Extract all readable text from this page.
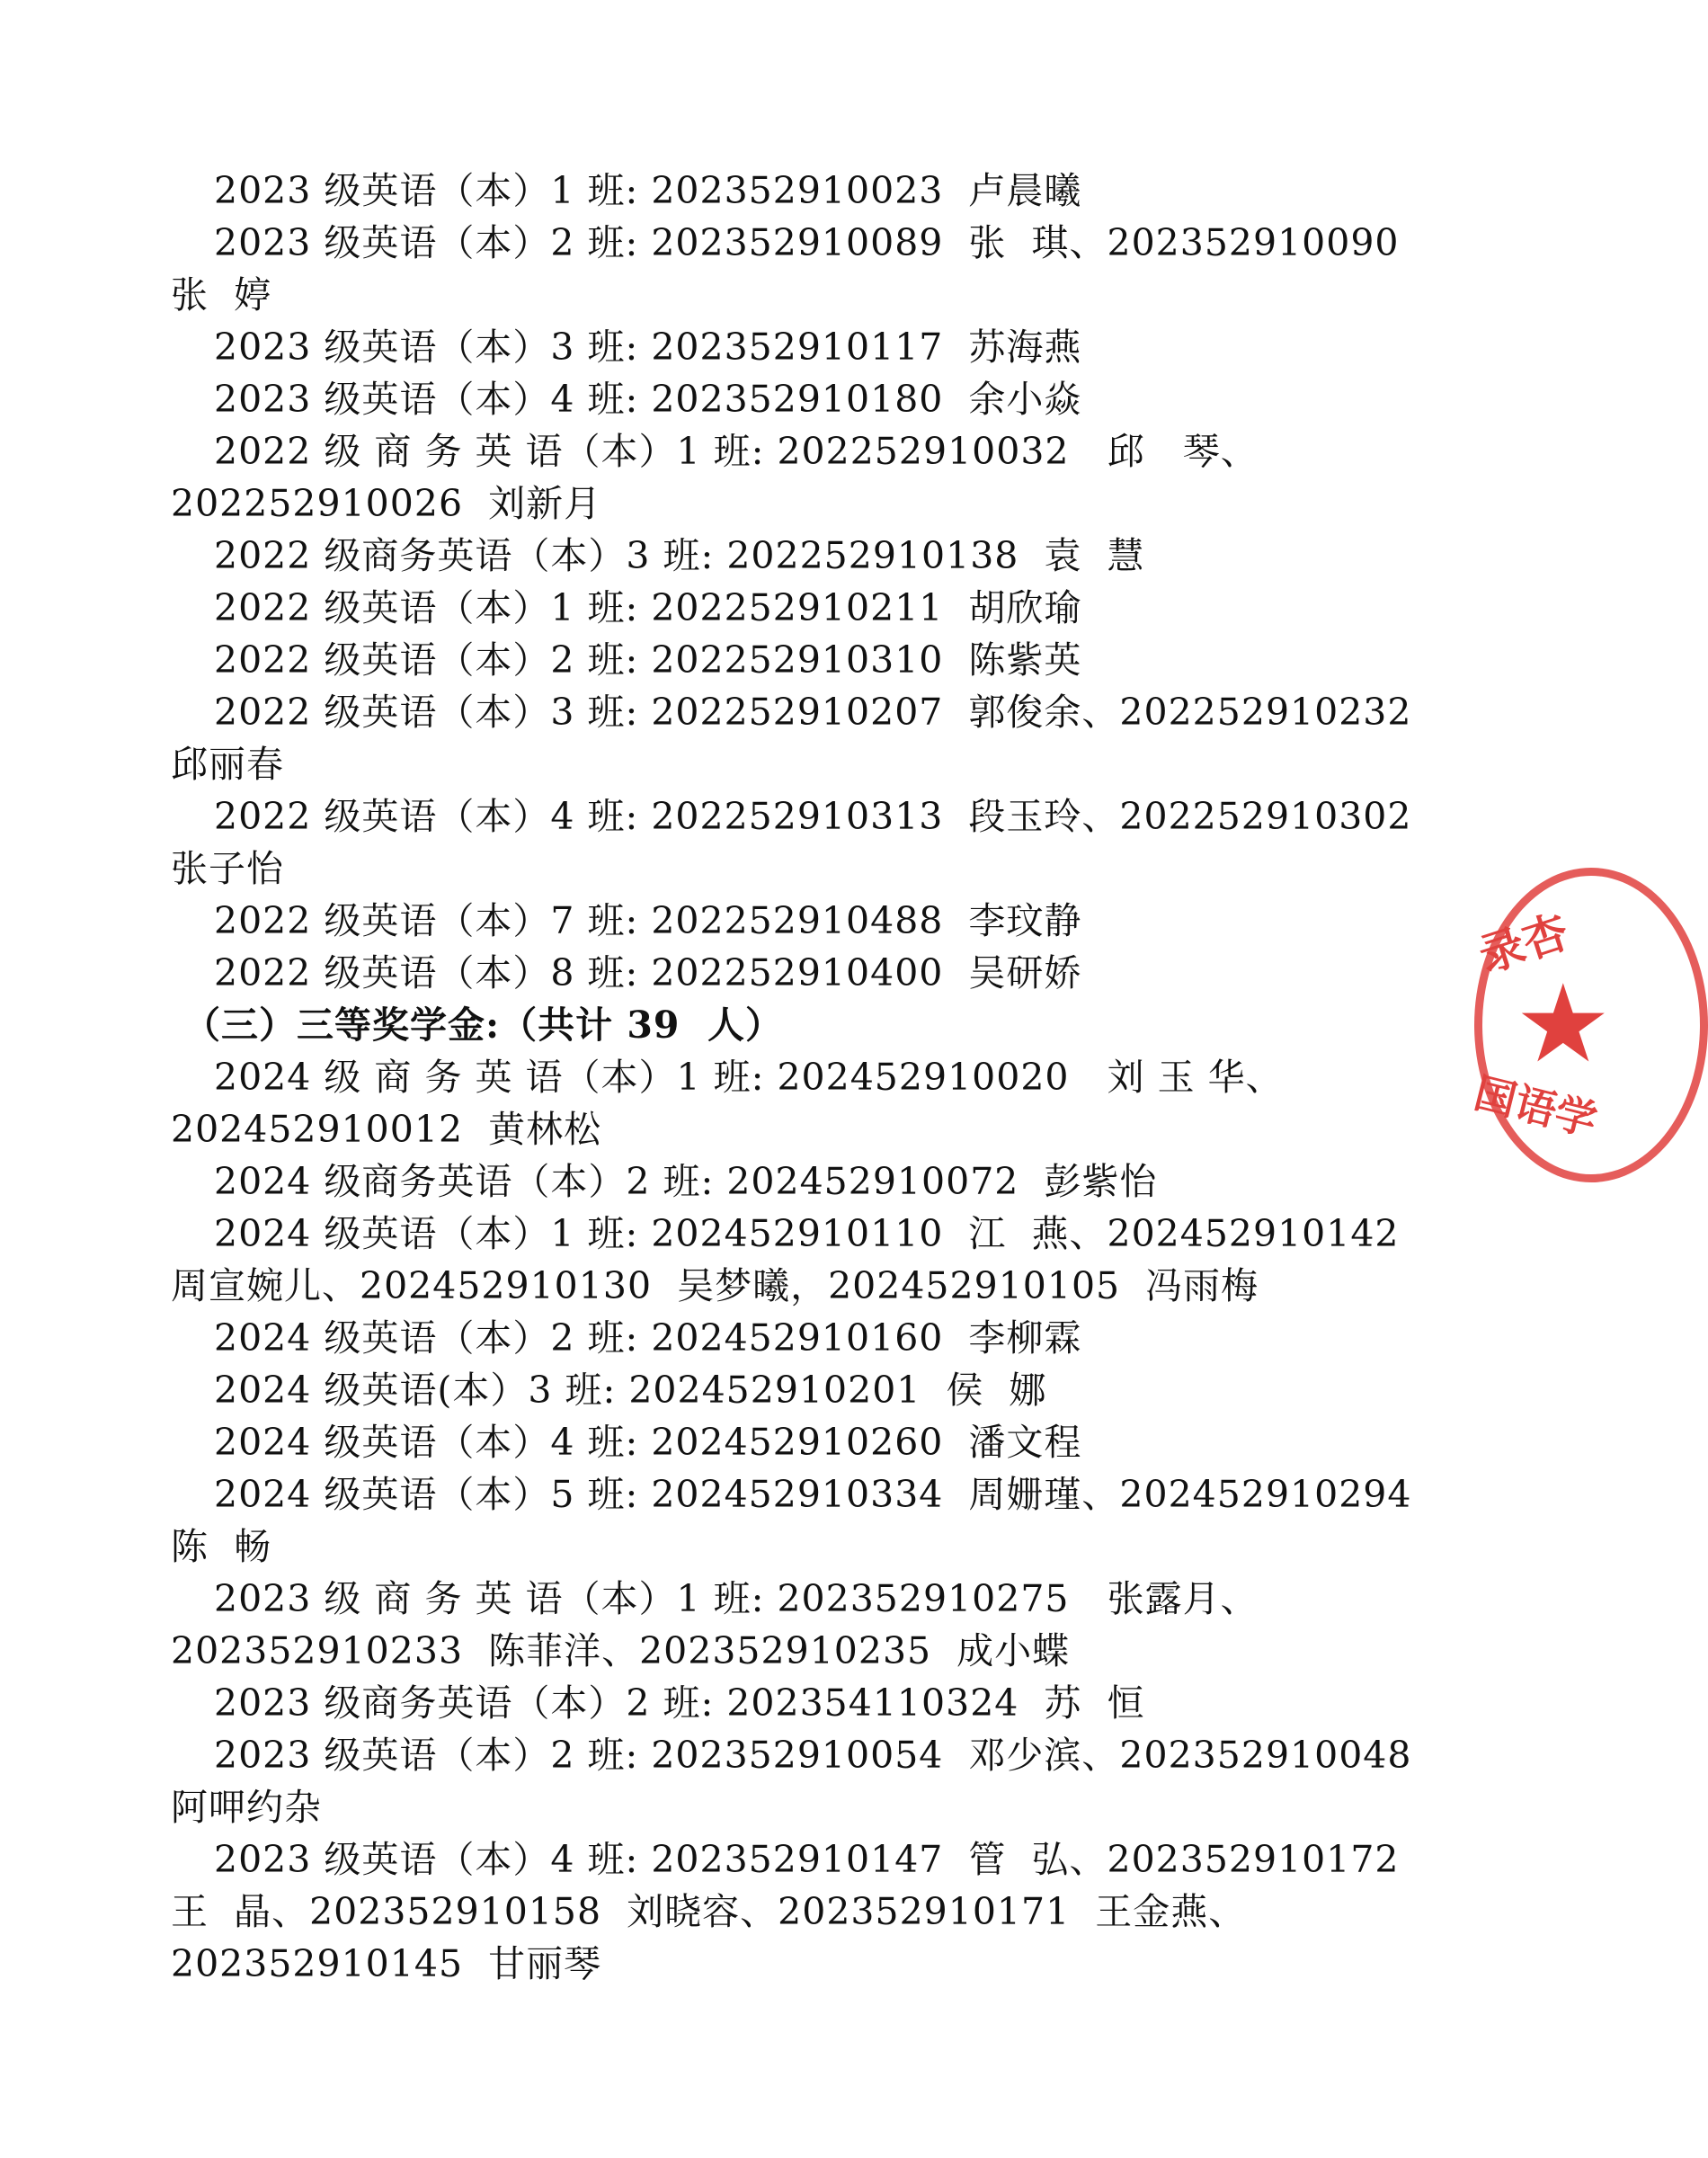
2023 级英语（本）1 班: 202352910023  卢晨曦
2023 级英语（本）2 班: 202352910089  张  琪、202352910090
张  婷
2023 级英语（本）3 班: 202352910117  苏海燕
2023 级英语（本）4 班: 202352910180  余小焱
2022 级 商 务 英 语（本）1 班: 202252910032   邱   琴、
202252910026  刘新月
2022 级商务英语（本）3 班: 202252910138  袁  慧
2022 级英语（本）1 班: 202252910211  胡欣瑜
2022 级英语（本）2 班: 202252910310  陈紫英
2022 级英语（本）3 班: 202252910207  郭俊余、202252910232
邱丽春
2022 级英语（本）4 班: 202252910313  段玉玲、202252910302
张子怡
2022 级英语（本）7 班: 202252910488  李玟静
2022 级英语（本）8 班: 202252910400  吴研娇
（三）三等奖学金:（共计 39  人）
2024 级 商 务 英 语（本）1 班: 202452910020   刘 玉 华、
202452910012  黄林松
2024 级商务英语（本）2 班: 202452910072  彭紫怡
2024 级英语（本）1 班: 202452910110  江  燕、202452910142
周宣婉儿、202452910130  吴梦曦，202452910105  冯雨梅
2024 级英语（本）2 班: 202452910160  李柳霖
2024 级英语(本）3 班: 202452910201  侯  娜
2024 级英语（本）4 班: 202452910260  潘文程
2024 级英语（本）5 班: 202452910334  周姗瑾、202452910294
陈  畅
2023 级 商 务 英 语（本）1 班: 202352910275   张露月、
202352910233  陈菲洋、202352910235  成小蝶
2023 级商务英语（本）2 班: 202354110324  苏  恒
2023 级英语（本）2 班: 202352910054  邓少滨、202352910048
阿呷约杂
2023 级英语（本）4 班: 202352910147  管  弘、202352910172
王  晶、202352910158  刘晓容、202352910171  王金燕、
202352910145  甘丽琴
录杏
★
国语学
